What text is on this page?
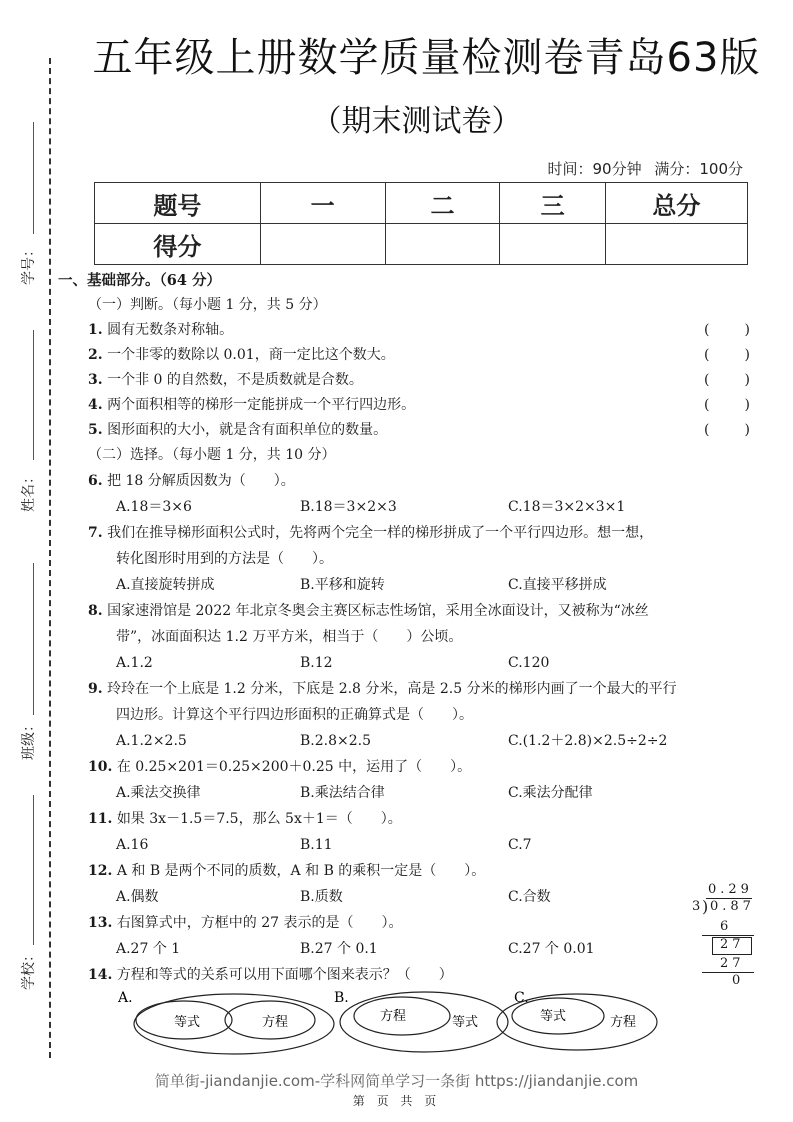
学号：
姓名：
班级：
学校：
五年级上册数学质量检测卷青岛63版
（期末测试卷）
时间：90分钟 满分：100分
题号	一	二	三	总分
得分				
一、基础部分。（64 分）
（一）判断。（每小题 1 分，共 5 分）
1. 圆有无数条对称轴。	(	)
2. 一个非零的数除以 0.01，商一定比这个数大。	(	)
3. 一个非 0 的自然数，不是质数就是合数。	(	)
4. 两个面积相等的梯形一定能拼成一个平行四边形。	(	)
5. 图形面积的大小，就是含有面积单位的数量。	(	)
（二）选择。（每小题 1 分，共 10 分）
6. 把 18 分解质因数为（　　）。
A.18＝3×6	B.18＝3×2×3	C.18＝3×2×3×1
7. 我们在推导梯形面积公式时，先将两个完全一样的梯形拼成了一个平行四边形。想一想，
转化图形时用到的方法是（　　）。
A.直接旋转拼成	B.平移和旋转	C.直接平移拼成
8. 国家速滑馆是 2022 年北京冬奥会主赛区标志性场馆，采用全冰面设计，又被称为“冰丝
带”，冰面面积达 1.2 万平方米，相当于（　　）公顷。
A.1.2	B.12	C.120
9. 玲玲在一个上底是 1.2 分米，下底是 2.8 分米，高是 2.5 分米的梯形内画了一个最大的平行
四边形。计算这个平行四边形面积的正确算式是（　　）。
A.1.2×2.5	B.2.8×2.5	C.(1.2＋2.8)×2.5÷2÷2
10. 在 0.25×201＝0.25×200＋0.25 中，运用了（　　）。
A.乘法交换律	B.乘法结合律	C.乘法分配律
11. 如果 3x－1.5＝7.5，那么 5x＋1＝（　　）。
A.16	B.11	C.7
12. A 和 B 是两个不同的质数，A 和 B 的乘积一定是（　　）。
A.偶数	B.质数	C.合数
13. 右图算式中，方框中的 27 表示的是（　　）。
A.27 个 1	B.27 个 0.1	C.27 个 0.01
14. 方程和等式的关系可以用下面哪个图来表示？（　　）
0.29
3
) 0.87
6
27
27
0
A.
等式	方程
B.
方程	等式
C.
等式	方程
简单街-jiandanjie.com-学科网简单学习一条街 https://jiandanjie.com
第 页 共 页
